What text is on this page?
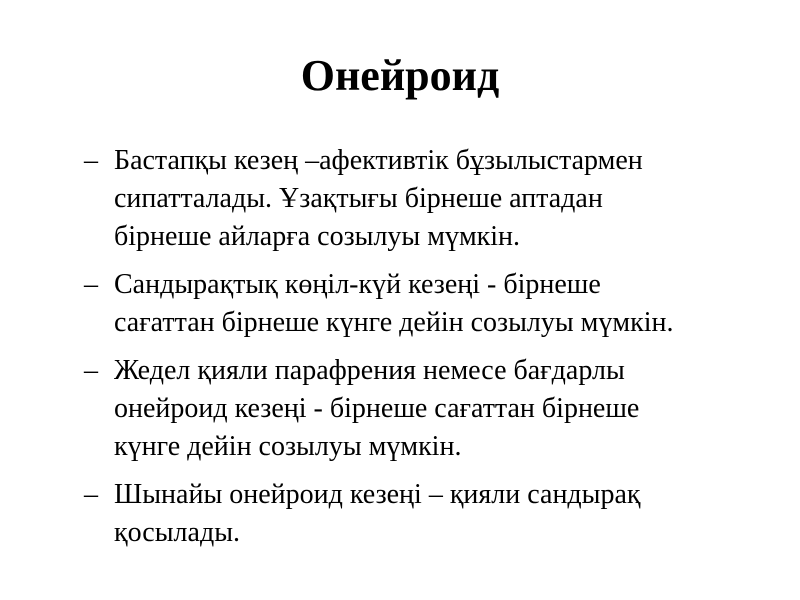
Онейроид
– Бастапқы кезең –афективтік бұзылыстармен
сипатталады. Ұзақтығы бірнеше аптадан
бірнеше айларға созылуы мүмкін.
– Сандырақтық көңіл-күй кезеңі - бірнеше
сағаттан бірнеше күнге дейін созылуы мүмкін.
– Жедел қияли парафрения немесе бағдарлы
онейроид кезеңі - бірнеше сағаттан бірнеше
күнге дейін созылуы мүмкін.
– Шынайы онейроид кезеңі – қияли сандырақ
қосылады.
